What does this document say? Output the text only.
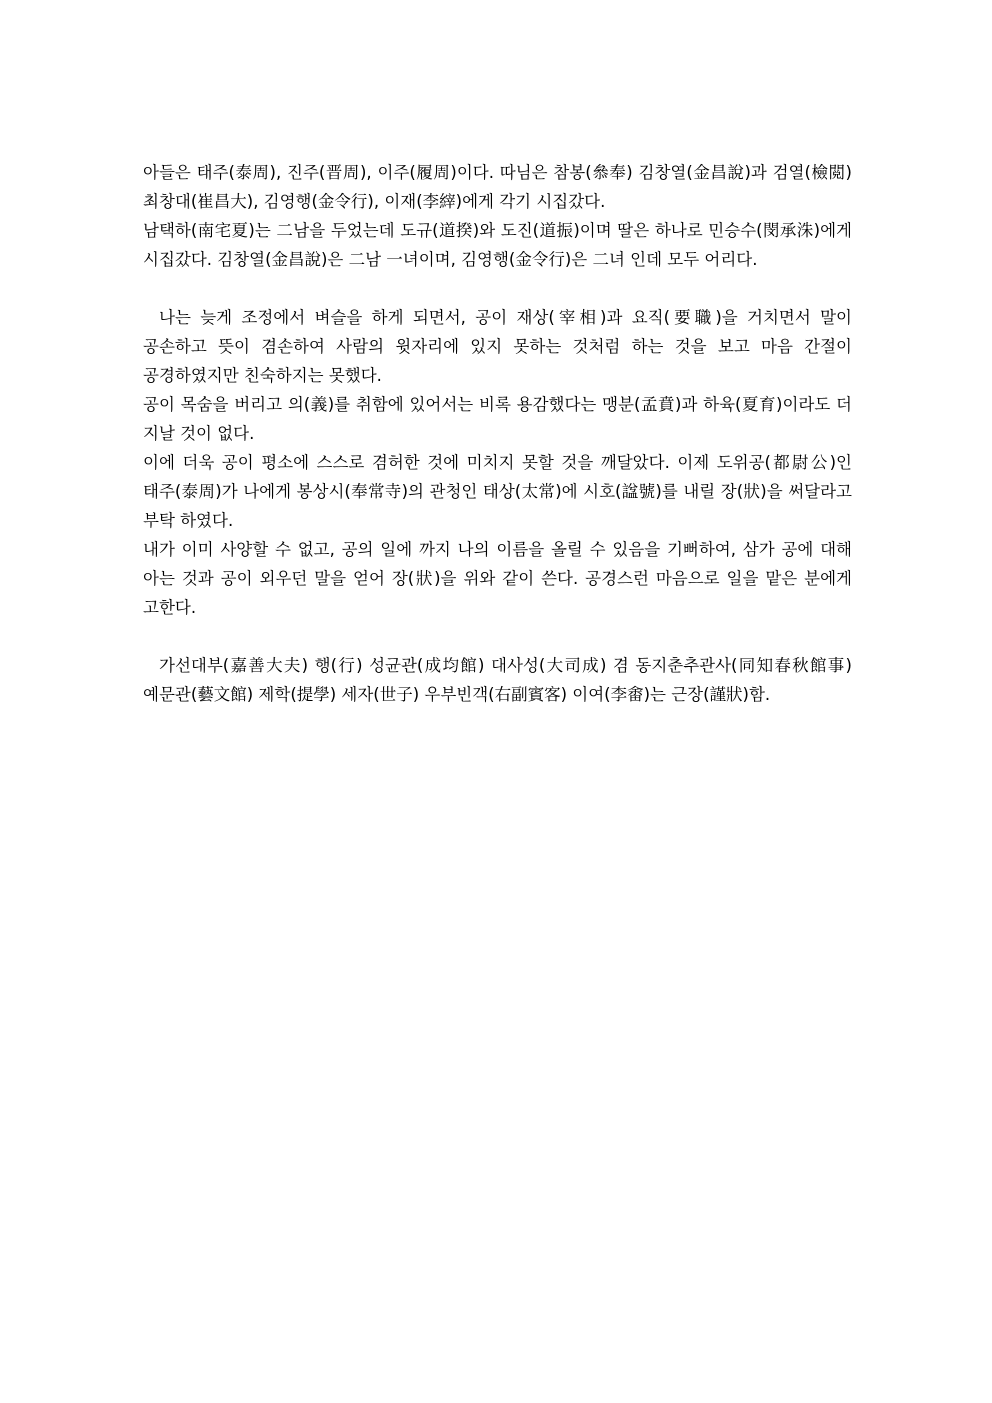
아들은 태주(泰周), 진주(晋周), 이주(履周)이다. 따님은 참봉(叅奉) 김창열(金昌說)과 검열(檢閲) 최창대(崔昌大), 김영행(金令行), 이재(李縡)에게 각기 시집갔다.

남택하(南宅夏)는 二남을 두었는데 도규(道揆)와 도진(道振)이며 딸은 하나로 민승수(閔承洙)에게 시집갔다. 김창열(金昌說)은 二남 一녀이며, 김영행(金令行)은 二녀 인데 모두 어리다.

나는 늦게 조정에서 벼슬을 하게 되면서, 공이 재상(宰相)과 요직(要職)을 거치면서 말이 공손하고 뜻이 겸손하여 사람의 윗자리에 있지 못하는 것처럼 하는 것을 보고 마음 간절이 공경하였지만 친숙하지는 못했다.

공이 목숨을 버리고 의(義)를 취함에 있어서는 비록 용감했다는 맹분(孟賁)과 하육(夏育)이라도 더 지날 것이 없다.

이에 더욱 공이 평소에 스스로 겸허한 것에 미치지 못할 것을 깨달았다. 이제 도위공(都尉公)인 태주(泰周)가 나에게 봉상시(奉常寺)의 관청인 태상(太常)에 시호(諡號)를 내릴 장(狀)을 써달라고 부탁 하였다.

내가 이미 사양할 수 없고, 공의 일에 까지 나의 이름을 올릴 수 있음을 기뻐하여, 삼가 공에 대해 아는 것과 공이 외우던 말을 얻어 장(狀)을 위와 같이 쓴다. 공경스런 마음으로 일을 맡은 분에게 고한다.

가선대부(嘉善大夫) 행(行) 성균관(成均館) 대사성(大司成) 겸 동지춘추관사(同知春秋館事) 예문관(藝文館) 제학(提學) 세자(世子) 우부빈객(右副賓客) 이여(李畬)는 근장(謹狀)함.
